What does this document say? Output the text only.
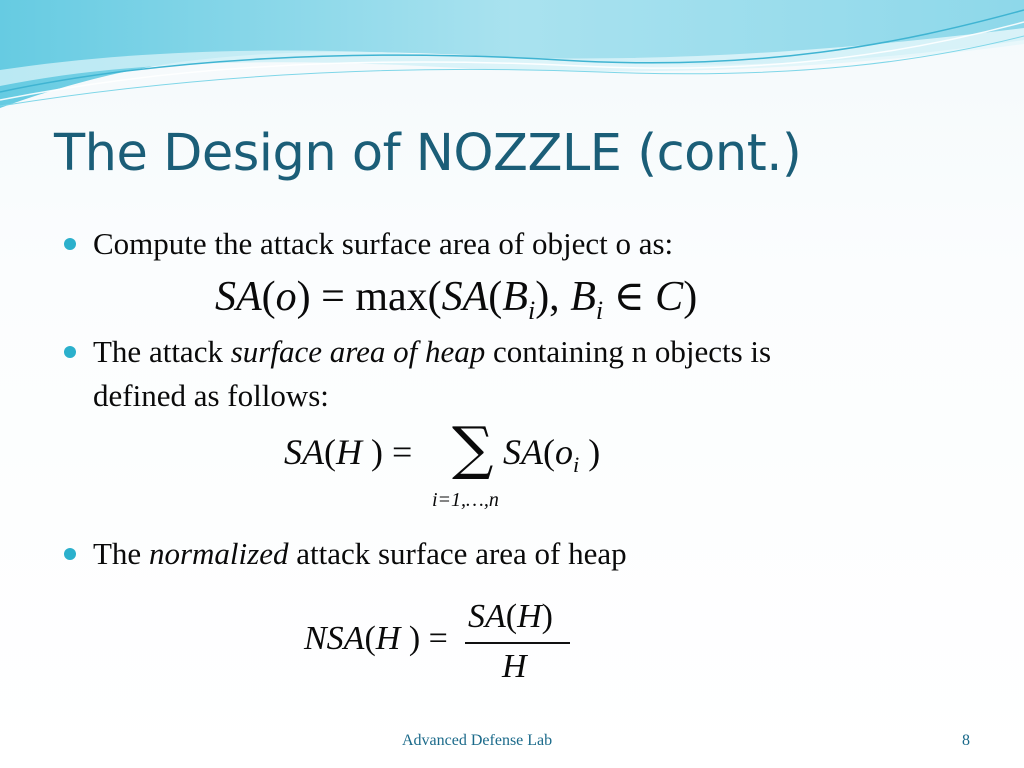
The Design of NOZZLE (cont.)
Compute the attack surface area of object o as:
$SA(o) = \max(SA(B_i)$, $B_i$ ∈ C)
The attack surface area of heap containing n objects is
defined as follows:
SA(H ) = ∑
i=1,…,n
$SA(o_i$ )
The normalized attack surface area of heap
NSA(H ) =
SA(H)
H
Advanced Defense Lab	8
